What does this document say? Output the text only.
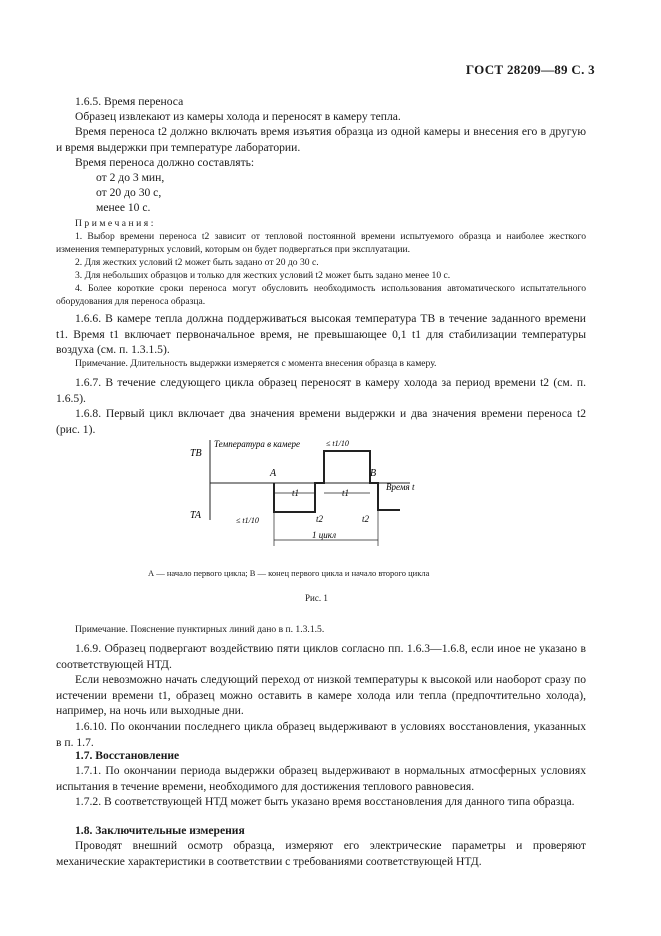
ГОСТ 28209—89 С. 3
1.6.5. Время переноса
Образец извлекают из камеры холода и переносят в камеру тепла.
Время переноса t2 должно включать время изъятия образца из одной камеры и внесения его в другую и время выдержки при температуре лаборатории.
Время переноса должно составлять:
от 2 до 3 мин,
от 20 до 30 с,
менее 10 с.
Примечания:
1. Выбор времени переноса t2 зависит от тепловой постоянной времени испытуемого образца и наиболее жесткого изменения температурных условий, которым он будет подвергаться при эксплуатации.
2. Для жестких условий t2 может быть задано от 20 до 30 с.
3. Для небольших образцов и только для жестких условий t2 может быть задано менее 10 с.
4. Более короткие сроки переноса могут обусловить необходимость использования автоматического испытательного оборудования для переноса образца.
1.6.6. В камере тепла должна поддерживаться высокая температура TВ в течение заданного времени t1. Время t1 включает первоначальное время, не превышающее 0,1 t1 для стабилизации температуры воздуха (см. п. 1.3.1.5).
Примечание. Длительность выдержки измеряется с момента внесения образца в камеру.
1.6.7. В течение следующего цикла образец переносят в камеру холода за период времени t2 (см. п. 1.6.5).
1.6.8. Первый цикл включает два значения времени выдержки и два значения времени переноса t2 (рис. 1).
Температура в камере
TВ
TA
A	B
Время t
≤ t1/10
≤ t1/10
t1	t1
t2	t2
1 цикл
А — начало первого цикла; В — конец первого цикла и начало второго цикла
Рис. 1
Примечание. Пояснение пунктирных линий дано в п. 1.3.1.5.
1.6.9. Образец подвергают воздействию пяти циклов согласно пп. 1.6.3—1.6.8, если иное не указано в соответствующей НТД.
Если невозможно начать следующий переход от низкой температуры к высокой или наоборот сразу по истечении времени t1, образец можно оставить в камере холода или тепла (предпочтительно холода), например, на ночь или выходные дни.
1.6.10. По окончании последнего цикла образец выдерживают в условиях восстановления, указанных в п. 1.7.
1.7. Восстановление
1.7.1. По окончании периода выдержки образец выдерживают в нормальных атмосферных условиях испытания в течение времени, необходимого для достижения теплового равновесия.
1.7.2. В соответствующей НТД может быть указано время восстановления для данного типа образца.
1.8. Заключительные измерения
Проводят внешний осмотр образца, измеряют его электрические параметры и проверяют механические характеристики в соответствии с требованиями соответствующей НТД.
